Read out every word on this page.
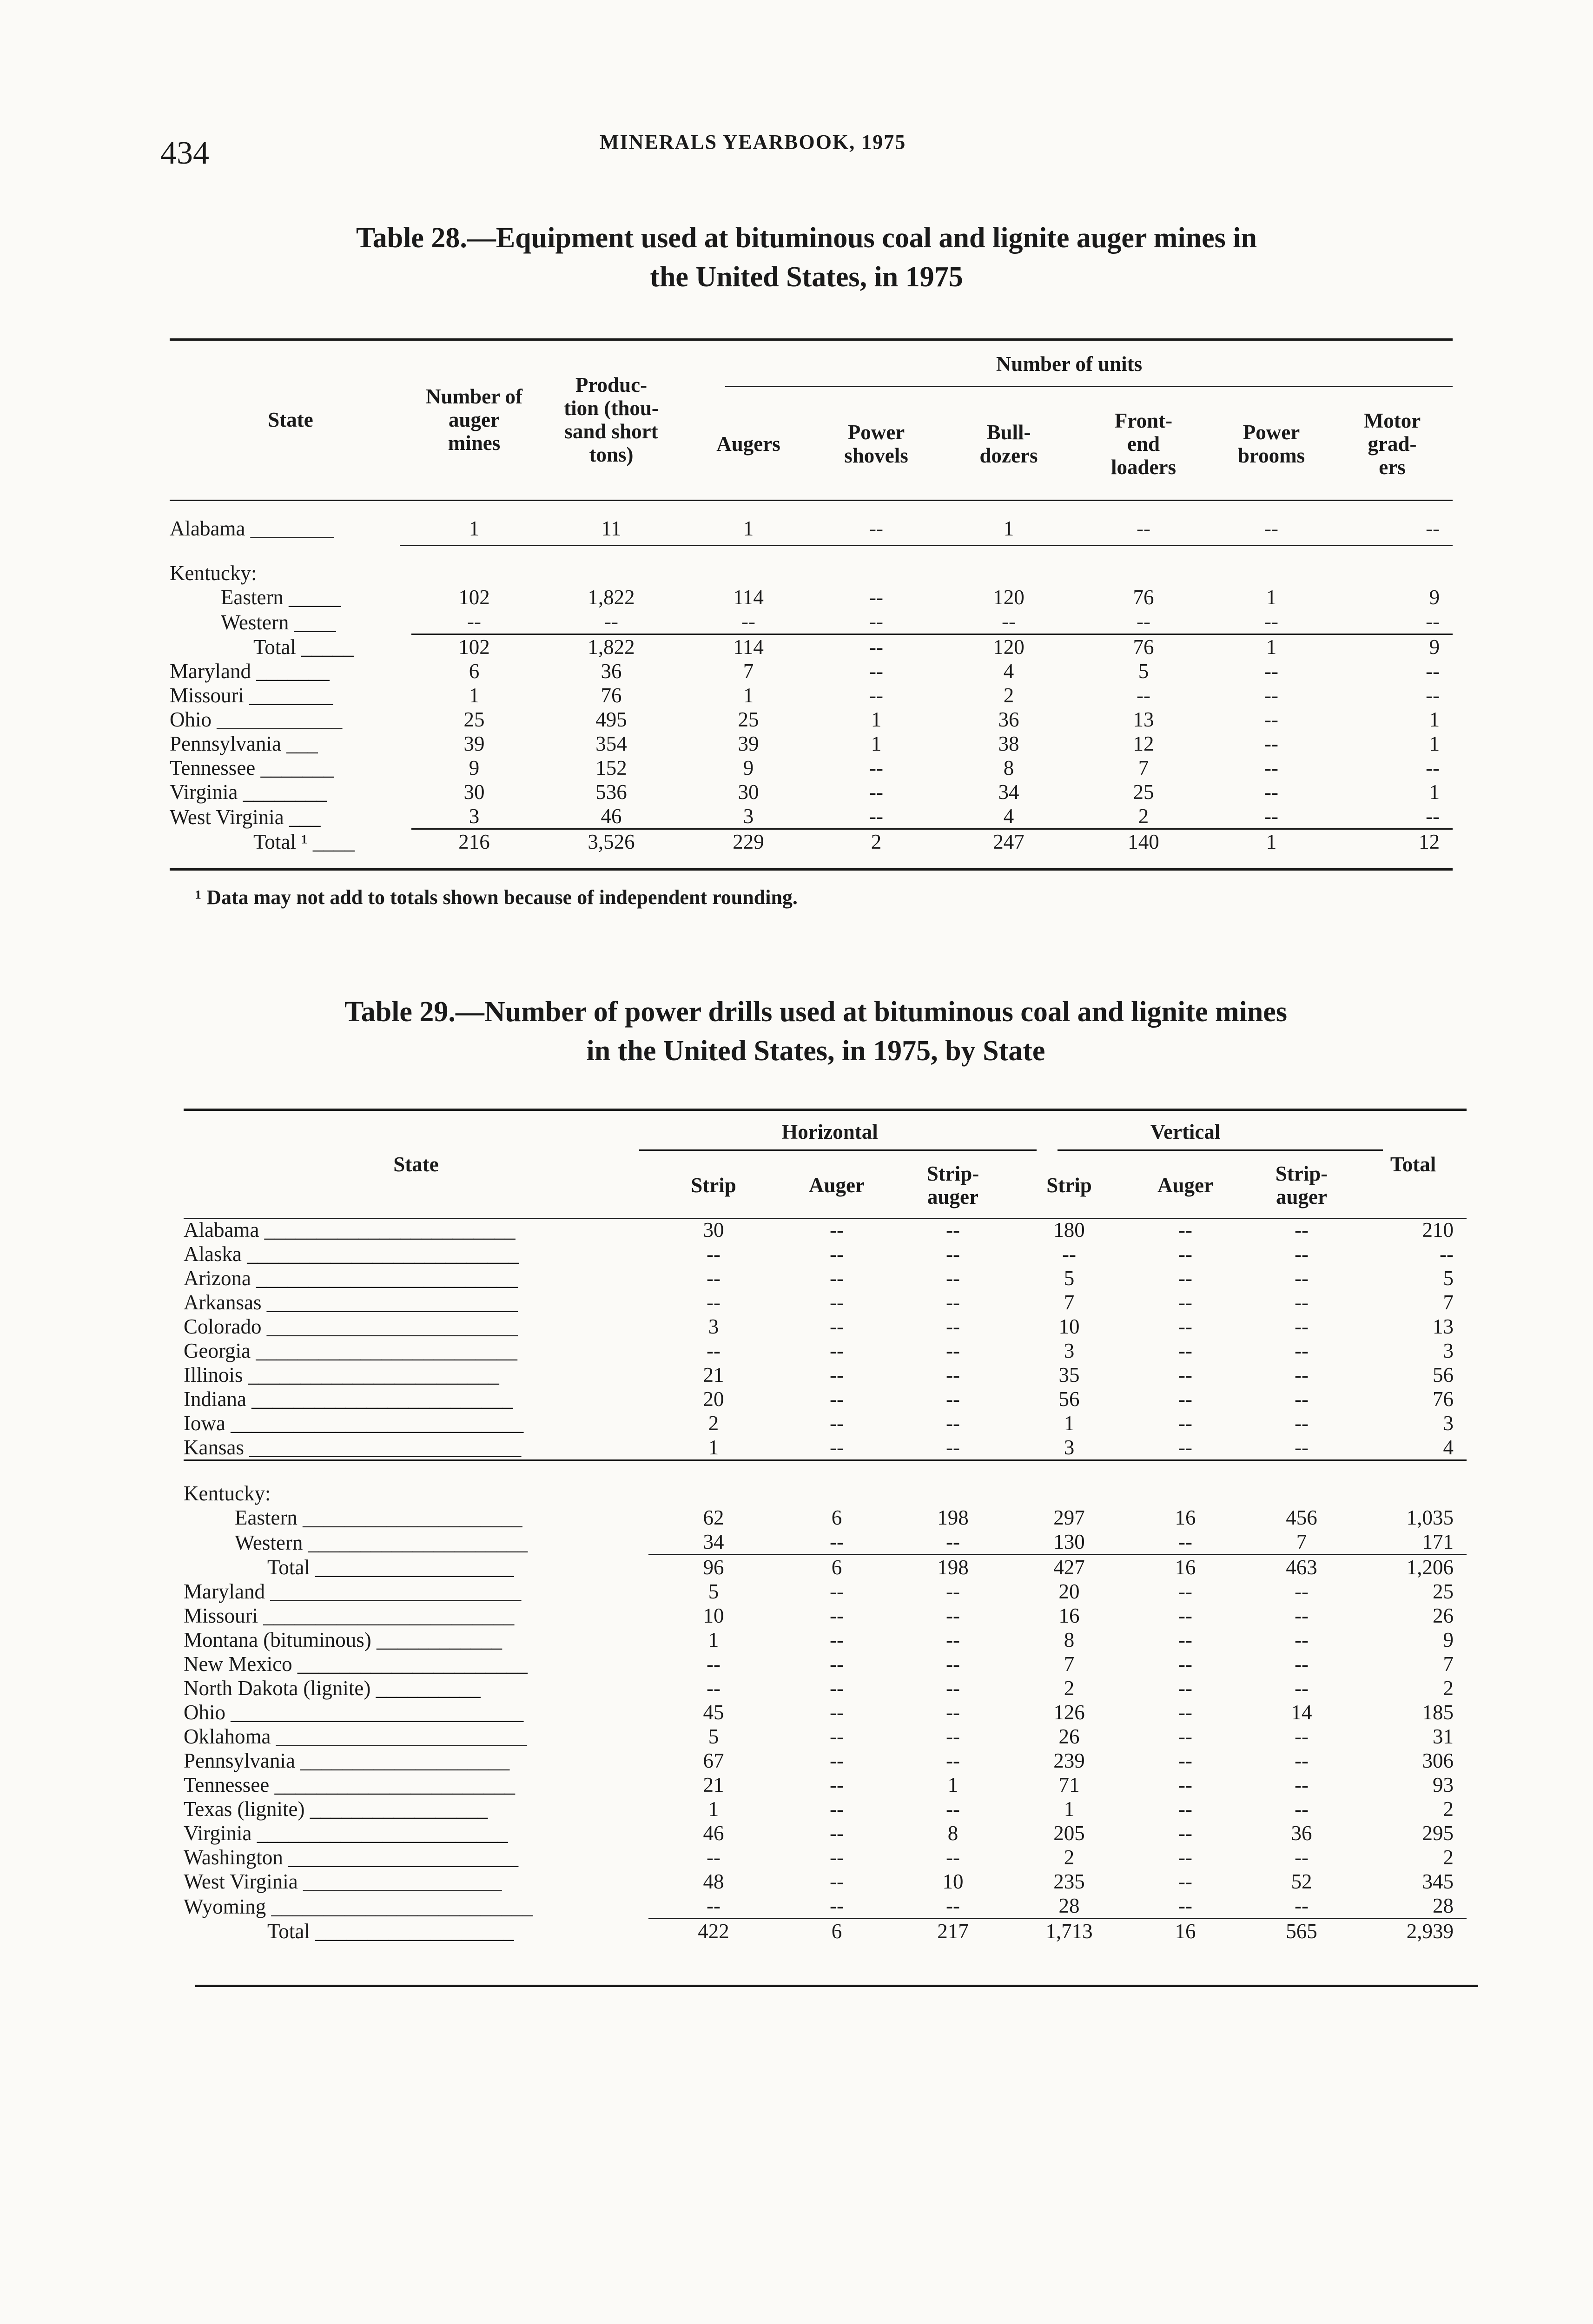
434	MINERALS YEARBOOK, 1975
Table 28.—Equipment used at bituminous coal and lignite auger mines in
the United States, in 1975
State	Number of auger mines	Produc- tion (thou- sand short tons)	Number of units					
			Augers	Power shovels	Bull- dozers	Front- end loaders	Power brooms	Motor grad- ers
Alabama ________	1	11	1	--	1	--	--	--

Kentucky:								
Eastern _____	102	1,822	114	--	120	76	1	9
Western ____	--	--	--	--	--	--	--	--
Total _____	102	1,822	114	--	120	76	1	9
Maryland _______	6	36	7	--	4	5	--	--
Missouri ________	1	76	1	--	2	--	--	--
Ohio ____________	25	495	25	1	36	13	--	1
Pennsylvania ___	39	354	39	1	38	12	--	1
Tennessee _______	9	152	9	--	8	7	--	--
Virginia ________	30	536	30	--	34	25	--	1
West Virginia ___	3	46	3	--	4	2	--	--
Total ¹ ____	216	3,526	229	2	247	140	1	12
¹ Data may not add to totals shown because of independent rounding.
Table 29.—Number of power drills used at bituminous coal and lignite mines
in the United States, in 1975, by State
State	Horizontal			Vertical			Total
	Strip	Auger	Strip- auger	Strip	Auger	Strip- auger	
Alabama ________________________	30	--	--	180	--	--	210
Alaska __________________________	--	--	--	--	--	--	--
Arizona _________________________	--	--	--	5	--	--	5
Arkansas ________________________	--	--	--	7	--	--	7
Colorado ________________________	3	--	--	10	--	--	13
Georgia _________________________	--	--	--	3	--	--	3
Illinois ________________________	21	--	--	35	--	--	56
Indiana _________________________	20	--	--	56	--	--	76
Iowa ____________________________	2	--	--	1	--	--	3
Kansas __________________________	1	--	--	3	--	--	4

Kentucky:							
Eastern _____________________	62	6	198	297	16	456	1,035
Western _____________________	34	--	--	130	--	7	171
Total ___________________	96	6	198	427	16	463	1,206
Maryland ________________________	5	--	--	20	--	--	25
Missouri ________________________	10	--	--	16	--	--	26
Montana (bituminous) ____________	1	--	--	8	--	--	9
New Mexico ______________________	--	--	--	7	--	--	7
North Dakota (lignite) __________	--	--	--	2	--	--	2
Ohio ____________________________	45	--	--	126	--	14	185
Oklahoma ________________________	5	--	--	26	--	--	31
Pennsylvania ____________________	67	--	--	239	--	--	306
Tennessee _______________________	21	--	1	71	--	--	93
Texas (lignite) _________________	1	--	--	1	--	--	2
Virginia ________________________	46	--	8	205	--	36	295
Washington ______________________	--	--	--	2	--	--	2
West Virginia ___________________	48	--	10	235	--	52	345
Wyoming _________________________	--	--	--	28	--	--	28
Total ___________________	422	6	217	1,713	16	565	2,939
